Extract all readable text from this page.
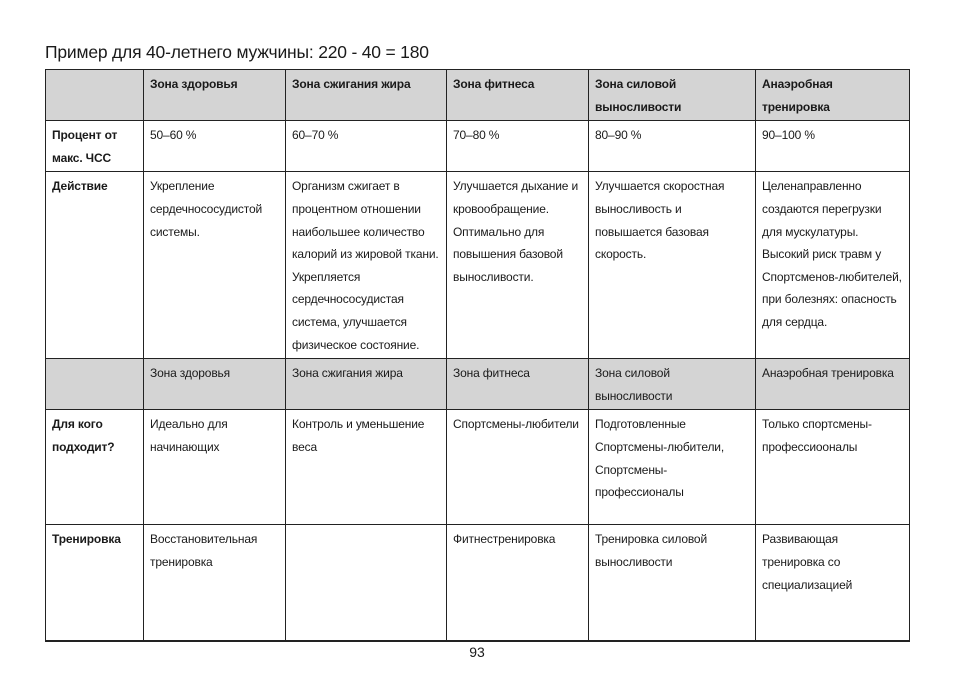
Пример для 40-летнего мужчины: 220 - 40 = 180
	Зона здоровья	Зона сжигания жира	Зона фитнеса	Зона силовой выносливости	Анаэробная тренировка
Процент от макс. ЧСС	50–60 %	60–70 %	70–80 %	80–90 %	90–100 %
Действие	Укрепление сердечнососудистой системы.	Организм сжигает в процентном отношении наибольшее количество калорий из жировой ткани. Укрепляется сердечнососудистая система, улучшается физическое состояние.	Улучшается дыхание и кровообращение. Оптимально для повышения базовой выносливости.	Улучшается скоростная выносливость и повышается базовая скорость.	Целенаправленно создаются перегрузки для мускулатуры. Высокий риск травм у Спортсменов-любителей, при болезнях: опасность для сердца.
	Зона здоровья	Зона сжигания жира	Зона фитнеса	Зона силовой выносливости	Анаэробная тренировка
Для кого подходит?	Идеально для начинающих	Контроль и уменьшение веса	Спортсмены-любители	Подготовленные Спортсмены-любители, Спортсмены-профессионалы	Только спортсмены-профессиооналы
Тренировка	Восстановительная тренировка		Фитнестренировка	Тренировка силовой выносливости	Развивающая тренировка со специализацией
93
